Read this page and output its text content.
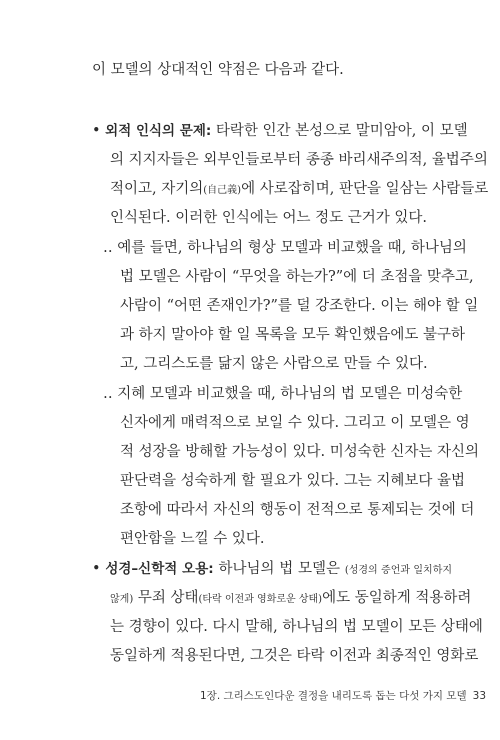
이 모델의 상대적인 약점은 다음과 같다.

• 외적 인식의 문제: 타락한 인간 본성으로 말미암아, 이 모델

의 지지자들은 외부인들로부터 종종 바리새주의적, 율법주의

적이고, 자기의(自己義)에 사로잡히며, 판단을 일삼는 사람들로

인식된다. 이러한 인식에는 어느 정도 근거가 있다.

‥ 예를 들면, 하나님의 형상 모델과 비교했을 때, 하나님의

법 모델은 사람이 “무엇을 하는가?”에 더 초점을 맞추고,

사람이 “어떤 존재인가?”를 덜 강조한다. 이는 해야 할 일

과 하지 말아야 할 일 목록을 모두 확인했음에도 불구하

고, 그리스도를 닮지 않은 사람으로 만들 수 있다.

‥ 지혜 모델과 비교했을 때, 하나님의 법 모델은 미성숙한

신자에게 매력적으로 보일 수 있다. 그리고 이 모델은 영

적 성장을 방해할 가능성이 있다. 미성숙한 신자는 자신의

판단력을 성숙하게 할 필요가 있다. 그는 지혜보다 율법

조항에 따라서 자신의 행동이 전적으로 통제되는 것에 더

편안함을 느낄 수 있다.

• 성경–신학적 오용: 하나님의 법 모델은 (성경의 증언과 일치하지

않게) 무죄 상태(타락 이전과 영화로운 상태)에도 동일하게 적용하려

는 경향이 있다. 다시 말해, 하나님의 법 모델이 모든 상태에

동일하게 적용된다면, 그것은 타락 이전과 최종적인 영화로

1장. 그리스도인다운 결정을 내리도록 돕는 다섯 가지 모델 33
